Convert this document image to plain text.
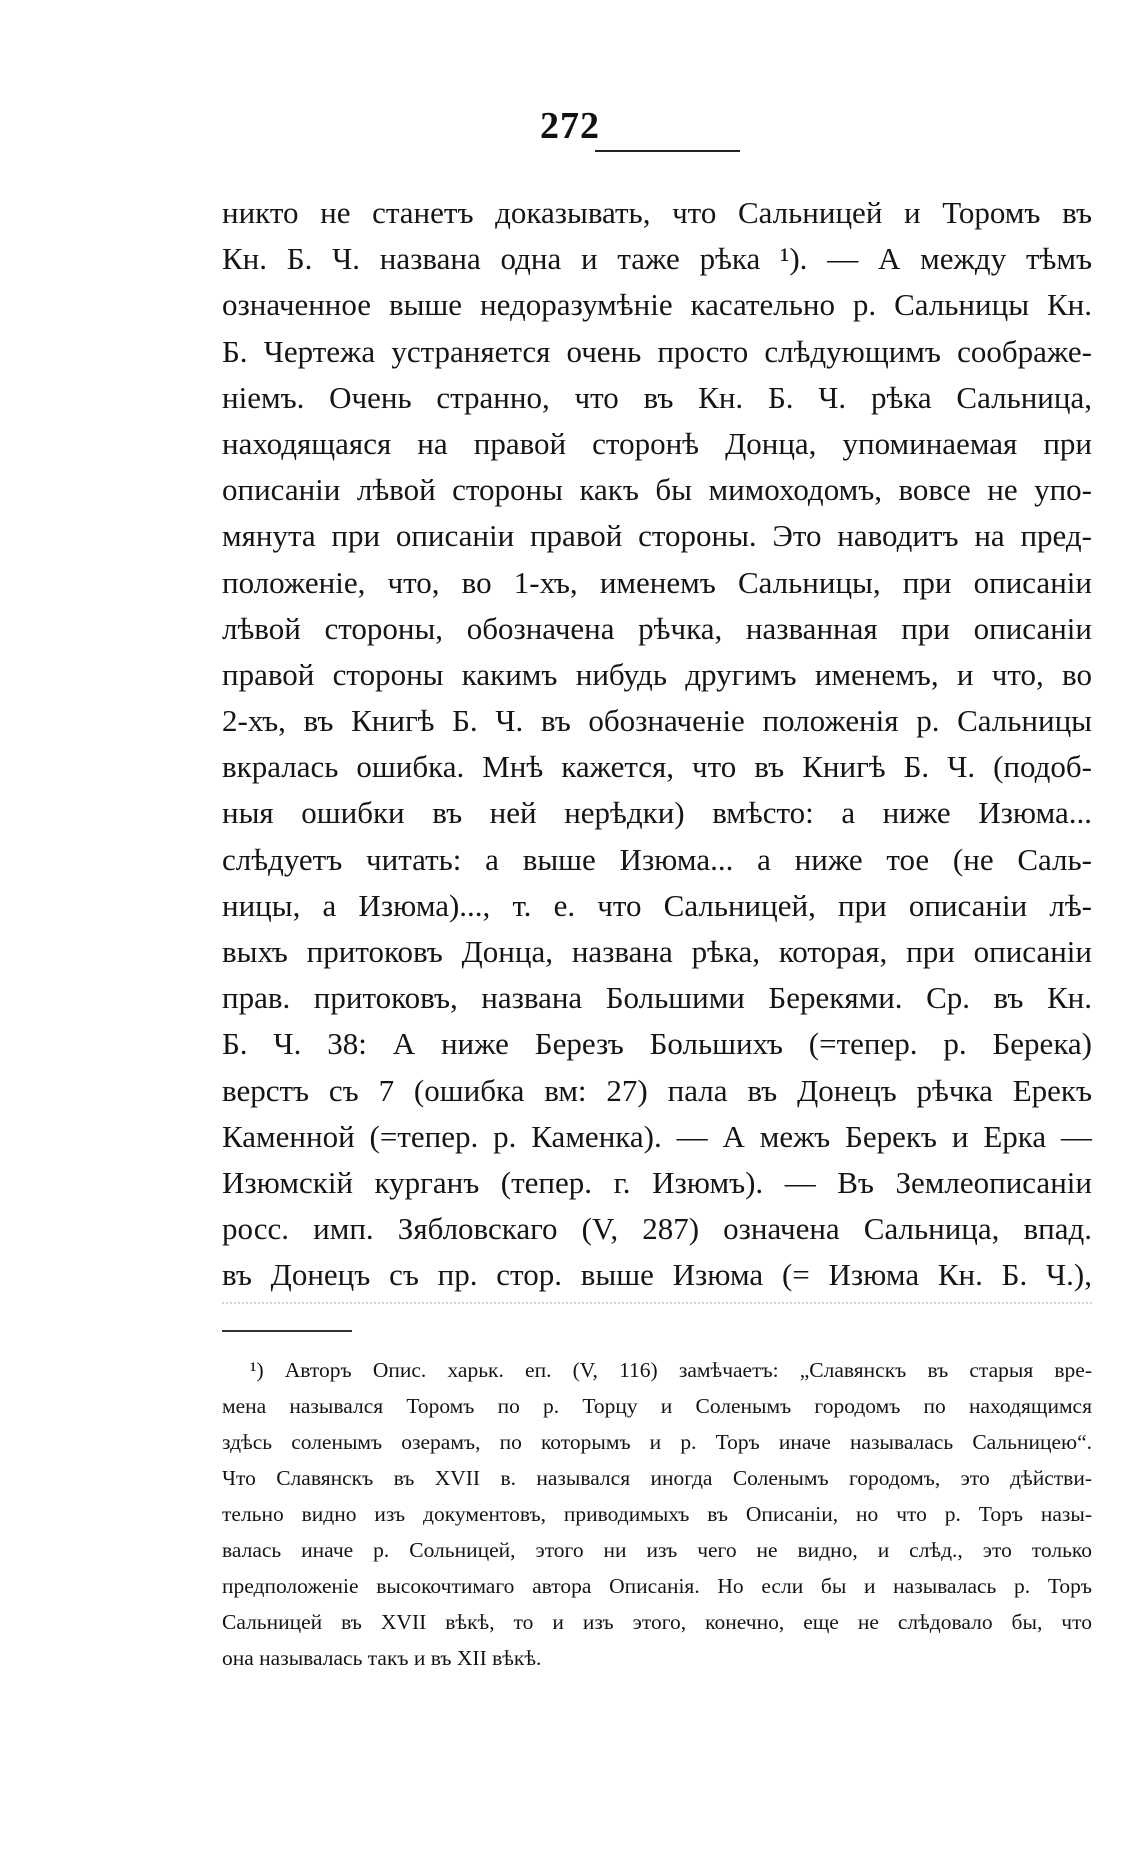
272
никто не станетъ доказывать, что Сальницей и Торомъ въ
Кн. Б. Ч. названа одна и таже рѣка ¹). — А между тѣмъ
означенное выше недоразумѣніе касательно р. Сальницы Кн.
Б. Чертежа устраняется очень просто слѣдующимъ соображе-
ніемъ. Очень странно, что въ Кн. Б. Ч. рѣка Сальница,
находящаяся на правой сторонѣ Донца, упоминаемая при
описаніи лѣвой стороны какъ бы мимоходомъ, вовсе не упо-
мянута при описаніи правой стороны. Это наводитъ на пред-
положеніе, что, во 1-хъ, именемъ Сальницы, при описаніи
лѣвой стороны, обозначена рѣчка, названная при описаніи
правой стороны какимъ нибудь другимъ именемъ, и что, во
2-хъ, въ Книгѣ Б. Ч. въ обозначеніе положенія р. Сальницы
вкралась ошибка. Мнѣ кажется, что въ Книгѣ Б. Ч. (подоб-
ныя ошибки въ ней нерѣдки) вмѣсто: а ниже Изюма...
слѣдуетъ читать: а выше Изюма... а ниже тое (не Саль-
ницы, а Изюма)..., т. е. что Сальницей, при описаніи лѣ-
выхъ притоковъ Донца, названа рѣка, которая, при описаніи
прав. притоковъ, названа Большими Берекями. Ср. въ Кн.
Б. Ч. 38: А ниже Березъ Большихъ (=тепер. р. Берека)
верстъ съ 7 (ошибка вм: 27) пала въ Донецъ рѣчка Ерекъ
Каменной (=тепер. р. Каменка). — А межъ Берекъ и Ерка —
Изюмскій курганъ (тепер. г. Изюмъ). — Въ Землеописаніи
росс. имп. Зябловскаго (V, 287) означена Сальница, впад.
въ Донецъ съ пр. стор. выше Изюма (= Изюма Кн. Б. Ч.),
¹) Авторъ Опис. харьк. еп. (V, 116) замѣчаетъ: „Славянскъ въ старыя вре-
мена назывался Торомъ по р. Торцу и Соленымъ городомъ по находящимся
здѣсь соленымъ озерамъ, по которымъ и р. Торъ иначе называлась Сальницею“.
Что Славянскъ въ XVII в. назывался иногда Соленымъ городомъ, это дѣйстви-
тельно видно изъ документовъ, приводимыхъ въ Описаніи, но что р. Торъ назы-
валась иначе р. Сольницей, этого ни изъ чего не видно, и слѣд., это только
предположеніе высокочтимаго автора Описанія. Но если бы и называлась р. Торъ
Сальницей въ XVII вѣкѣ, то и изъ этого, конечно, еще не слѣдовало бы, что
она называлась такъ и въ XII вѣкѣ.
